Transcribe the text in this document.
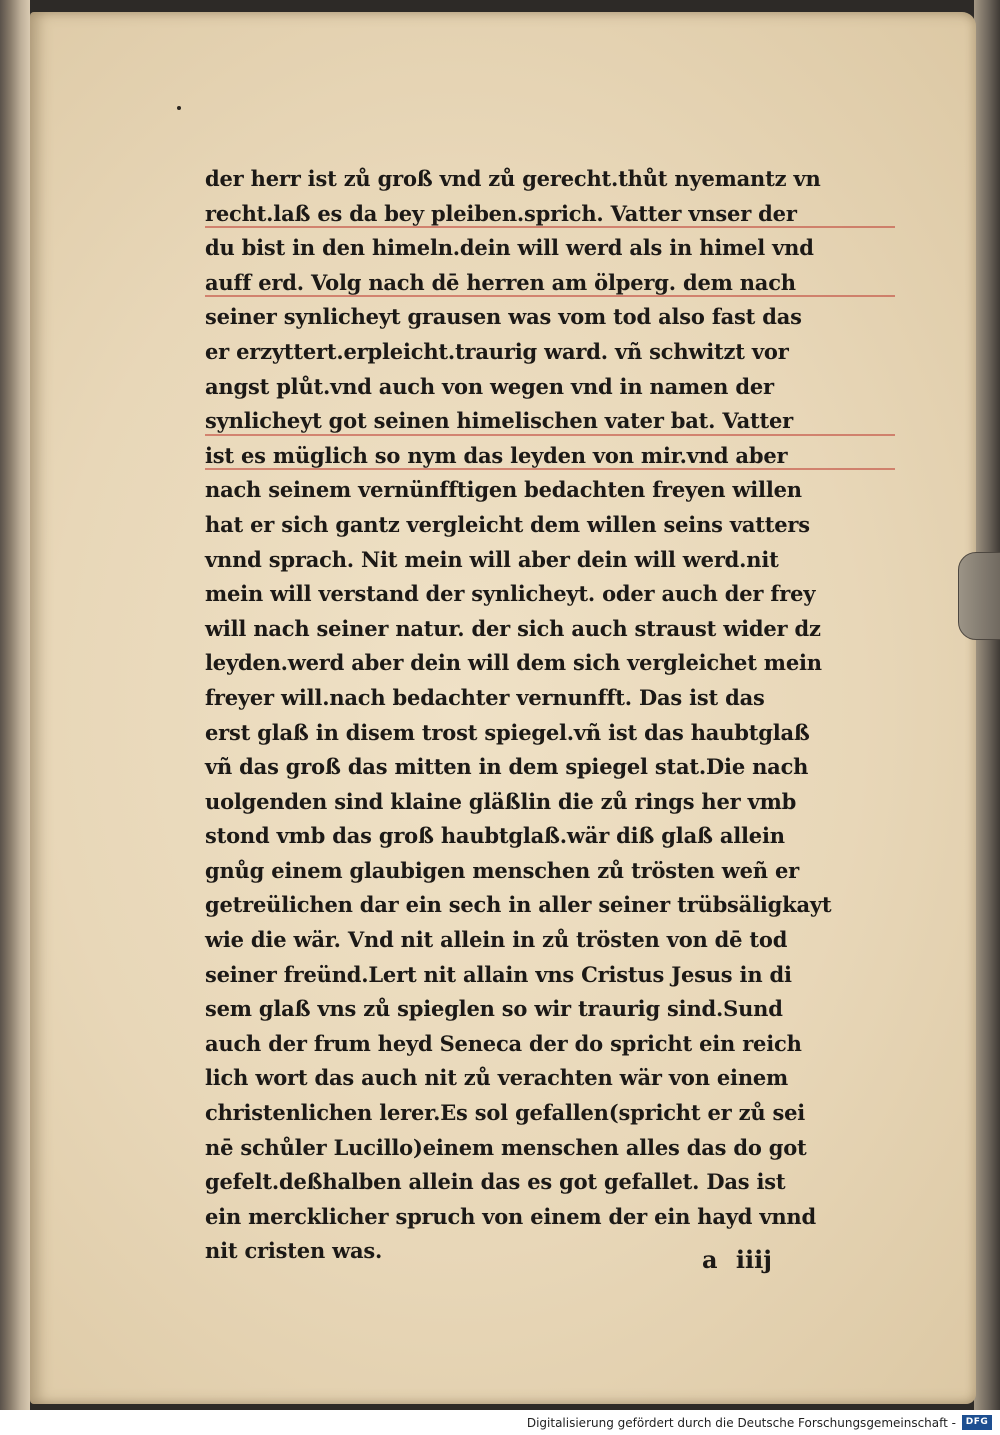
der herr ist zů groß vnd zů gerecht.thůt nyemantz vn
recht.laß es da bey pleiben.sprich. Vatter vnser der
du bist in den himeln.dein will werd als in himel vnd
auff erd. Volg nach dē herren am ölperg. dem nach
seiner synlicheyt grausen was vom tod also fast das
er erzyttert.erpleicht.traurig ward. vñ schwitzt vor
angst plůt.vnd auch von wegen vnd in namen der
synlicheyt got seinen himelischen vater bat. Vatter
ist es müglich so nym das leyden von mir.vnd aber
nach seinem vernünfftigen bedachten freyen willen
hat er sich gantz vergleicht dem willen seins vatters
vnnd sprach. Nit mein will aber dein will werd.nit
mein will verstand der synlicheyt. oder auch der frey
will nach seiner natur. der sich auch straust wider dz
leyden.werd aber dein will dem sich vergleichet mein
freyer will.nach bedachter vernunfft. Das ist das
erst glaß in disem trost spiegel.vñ ist das haubtglaß
vñ das groß das mitten in dem spiegel stat.Die nach
uolgenden sind klaine gläßlin die zů rings her vmb
stond vmb das groß haubtglaß.wär diß glaß allein
gnůg einem glaubigen menschen zů trösten weñ er
getreülichen dar ein sech in aller seiner trübsäligkayt
wie die wär. Vnd nit allein in zů trösten von dē tod
seiner freünd.Lert nit allain vns Cristus Jesus in di
sem glaß vns zů spieglen so wir traurig sind.Sund
auch der frum heyd Seneca der do spricht ein reich
lich wort das auch nit zů verachten wär von einem
christenlichen lerer.Es sol gefallen(spricht er zů sei
nē schůler Lucillo)einem menschen alles das do got
gefelt.deßhalben allein das es got gefallet. Das ist
ein mercklicher spruch von einem der ein hayd vnnd
nit cristen was.	a iiij
Digitalisierung gefördert durch die Deutsche Forschungsgemeinschaft -	DFG
